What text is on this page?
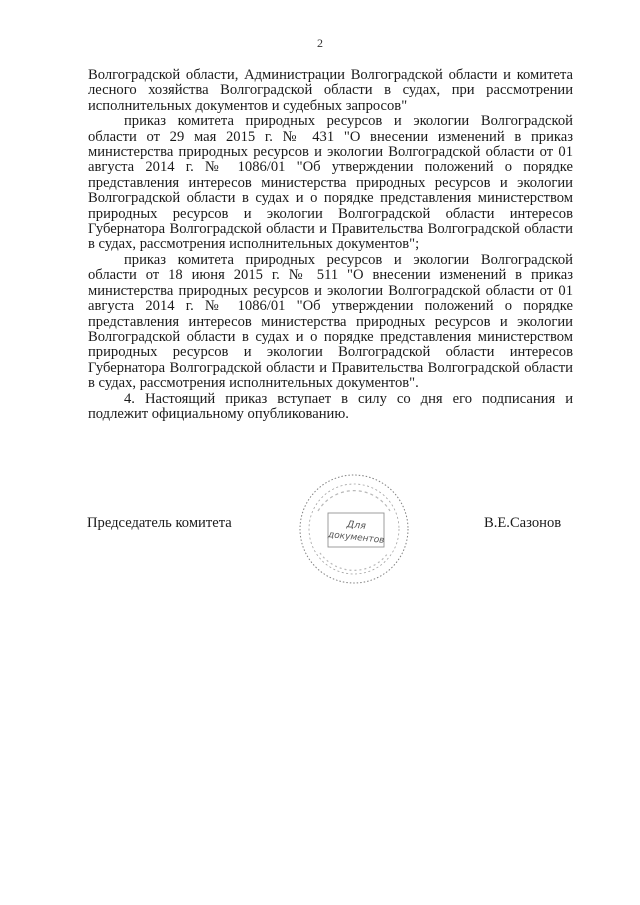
2

Волгоградской области, Администрации Волгоградской области и комитета лесного хозяйства Волгоградской области в судах, при рассмотрении исполнительных документов и судебных запросов"

приказ комитета природных ресурсов и экологии Волгоградской области от 29 мая 2015 г. № 431 "О внесении изменений в приказ министерства природных ресурсов и экологии Волгоградской области от 01 августа 2014 г. № 1086/01 "Об утверждении положений о порядке представления интересов министерства природных ресурсов и экологии Волгоградской области в судах и о порядке представления министерством природных ресурсов и экологии Волгоградской области интересов Губернатора Волгоградской области и Правительства Волгоградской области в судах, рассмотрения исполнительных документов";

приказ комитета природных ресурсов и экологии Волгоградской области от 18 июня 2015 г. № 511 "О внесении изменений в приказ министерства природных ресурсов и экологии Волгоградской области от 01 августа 2014 г. № 1086/01 "Об утверждении положений о порядке представления интересов министерства природных ресурсов и экологии Волгоградской области в судах и о порядке представления министерством природных ресурсов и экологии Волгоградской области интересов Губернатора Волгоградской области и Правительства Волгоградской области в судах, рассмотрения исполнительных документов".

4. Настоящий приказ вступает в силу со дня его подписания и подлежит официальному опубликованию.

Председатель комитета	В.Е.Сазонов
Для
документов
